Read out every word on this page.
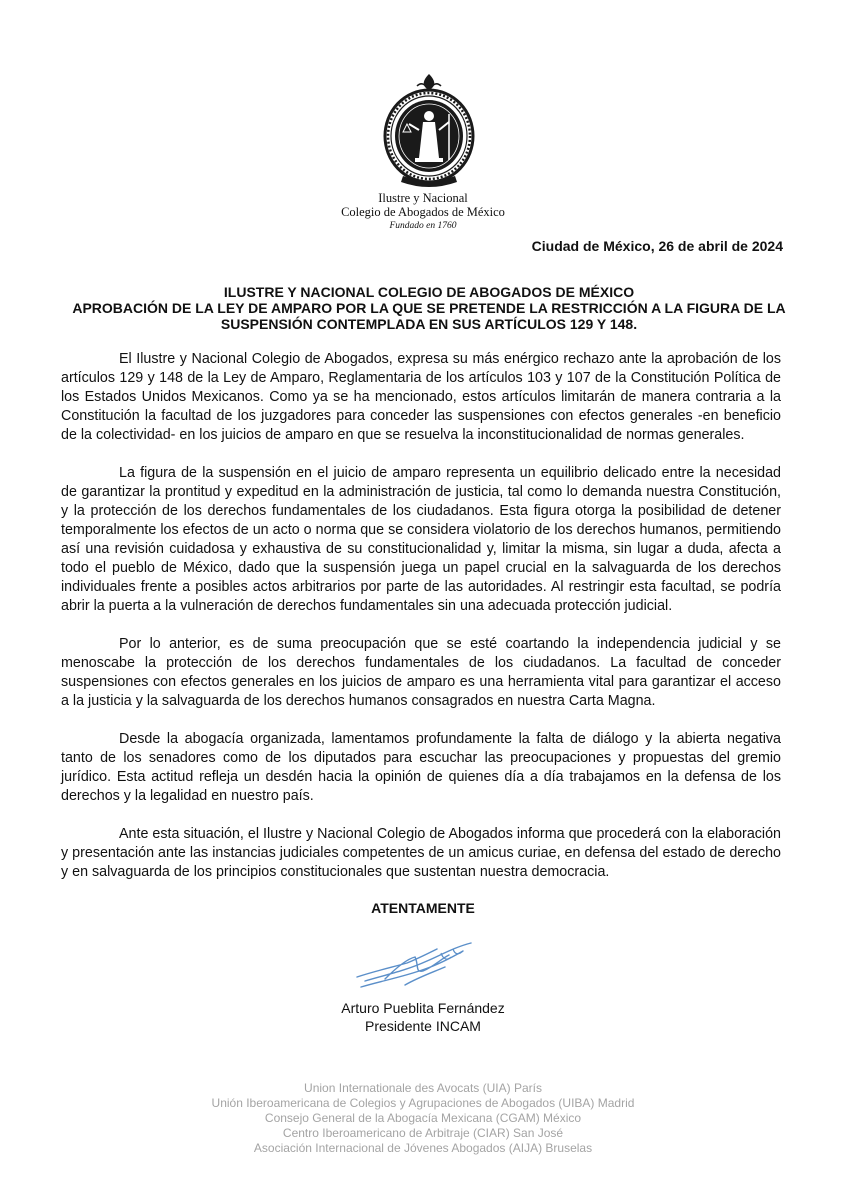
Ilustre y Nacional
Colegio de Abogados de México
Fundado en 1760
Ciudad de México, 26 de abril de 2024
ILUSTRE Y NACIONAL COLEGIO DE ABOGADOS DE MÉXICO
APROBACIÓN DE LA LEY DE AMPARO POR LA QUE SE PRETENDE LA RESTRICCIÓN A LA FIGURA DE LA SUSPENSIÓN CONTEMPLADA EN SUS ARTÍCULOS 129 Y 148.

El Ilustre y Nacional Colegio de Abogados, expresa su más enérgico rechazo ante la aprobación de los artículos 129 y 148 de la Ley de Amparo, Reglamentaria de los artículos 103 y 107 de la Constitución Política de los Estados Unidos Mexicanos. Como ya se ha mencionado, estos artículos limitarán de manera contraria a la Constitución la facultad de los juzgadores para conceder las suspensiones con efectos generales -en beneficio de la colectividad- en los juicios de amparo en que se resuelva la inconstitucionalidad de normas generales.

La figura de la suspensión en el juicio de amparo representa un equilibrio delicado entre la necesidad de garantizar la prontitud y expeditud en la administración de justicia, tal como lo demanda nuestra Constitución, y la protección de los derechos fundamentales de los ciudadanos. Esta figura otorga la posibilidad de detener temporalmente los efectos de un acto o norma que se considera violatorio de los derechos humanos, permitiendo así una revisión cuidadosa y exhaustiva de su constitucionalidad y, limitar la misma, sin lugar a duda, afecta a todo el pueblo de México, dado que la suspensión juega un papel crucial en la salvaguarda de los derechos individuales frente a posibles actos arbitrarios por parte de las autoridades. Al restringir esta facultad, se podría abrir la puerta a la vulneración de derechos fundamentales sin una adecuada protección judicial.

Por lo anterior, es de suma preocupación que se esté coartando la independencia judicial y se menoscabe la protección de los derechos fundamentales de los ciudadanos. La facultad de conceder suspensiones con efectos generales en los juicios de amparo es una herramienta vital para garantizar el acceso a la justicia y la salvaguarda de los derechos humanos consagrados en nuestra Carta Magna.

Desde la abogacía organizada, lamentamos profundamente la falta de diálogo y la abierta negativa tanto de los senadores como de los diputados para escuchar las preocupaciones y propuestas del gremio jurídico. Esta actitud refleja un desdén hacia la opinión de quienes día a día trabajamos en la defensa de los derechos y la legalidad en nuestro país.

Ante esta situación, el Ilustre y Nacional Colegio de Abogados informa que procederá con la elaboración y presentación ante las instancias judiciales competentes de un amicus curiae, en defensa del estado de derecho y en salvaguarda de los principios constitucionales que sustentan nuestra democracia.

ATENTAMENTE
Arturo Pueblita Fernández
Presidente INCAM
Union Internationale des Avocats (UIA) París
Unión Iberoamericana de Colegios y Agrupaciones de Abogados (UIBA) Madrid
Consejo General de la Abogacía Mexicana (CGAM) México
Centro Iberoamericano de Arbitraje (CIAR) San José
Asociación Internacional de Jóvenes Abogados (AIJA) Bruselas
